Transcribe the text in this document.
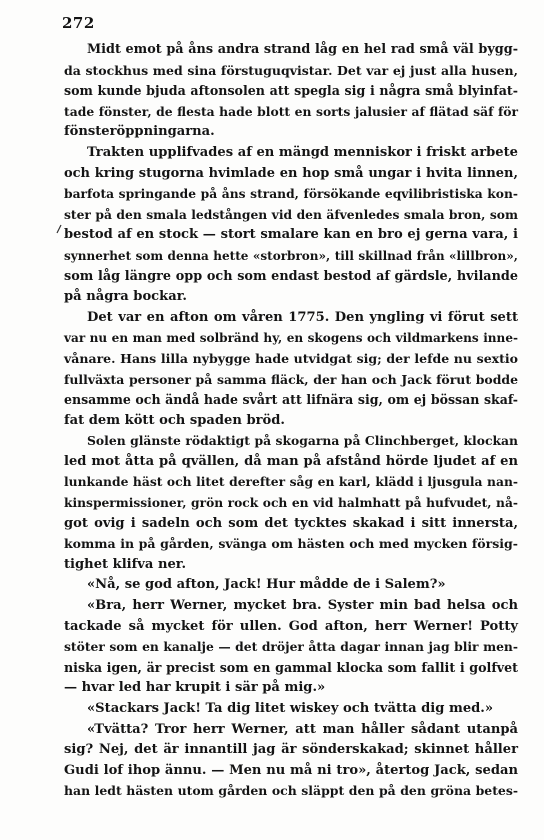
272
Midt emot på åns andra strand låg en hel rad små väl bygg-
da stockhus med sina förstuguqvistar. Det var ej just alla husen,
som kunde bjuda aftonsolen att spegla sig i några små blyinfat-
tade fönster, de flesta hade blott en sorts jalusier af flätad säf för
fönsteröppningarna.
Trakten upplifvades af en mängd menniskor i friskt arbete
och kring stugorna hvimlade en hop små ungar i hvita linnen,
barfota springande på åns strand, försökande eqvilibristiska kon-
ster på den smala ledstången vid den äfvenledes smala bron, som
bestod af en stock — stort smalare kan en bro ej gerna vara, i
synnerhet som denna hette «storbron», till skillnad från «lillbron»,
som låg längre opp och som endast bestod af gärdsle, hvilande
på några bockar.
Det var en afton om våren 1775. Den yngling vi förut sett
var nu en man med solbränd hy, en skogens och vildmarkens inne-
vånare. Hans lilla nybygge hade utvidgat sig; der lefde nu sextio
fullväxta personer på samma fläck, der han och Jack förut bodde
ensamme och ändå hade svårt att lifnära sig, om ej bössan skaf-
fat dem kött och spaden bröd.
Solen glänste rödaktigt på skogarna på Clinchberget, klockan
led mot åtta på qvällen, då man på afstånd hörde ljudet af en
lunkande häst och litet derefter såg en karl, klädd i ljusgula nan-
kinspermissioner, grön rock och en vid halmhatt på hufvudet, nå-
got ovig i sadeln och som det tycktes skakad i sitt innersta,
komma in på gården, svänga om hästen och med mycken försig-
tighet klifva ner.
«Nå, se god afton, Jack! Hur mådde de i Salem?»
«Bra, herr Werner, mycket bra. Syster min bad helsa och
tackade så mycket för ullen. God afton, herr Werner! Potty
stöter som en kanalje — det dröjer åtta dagar innan jag blir men-
niska igen, är precist som en gammal klocka som fallit i golfvet
— hvar led har krupit i sär på mig.»
«Stackars Jack! Ta dig litet wiskey och tvätta dig med.»
«Tvätta? Tror herr Werner, att man håller sådant utanpå
sig? Nej, det är innantill jag är sönderskakad; skinnet håller
Gudi lof ihop ännu. — Men nu må ni tro», återtog Jack, sedan
han ledt hästen utom gården och släppt den på den gröna betes-
